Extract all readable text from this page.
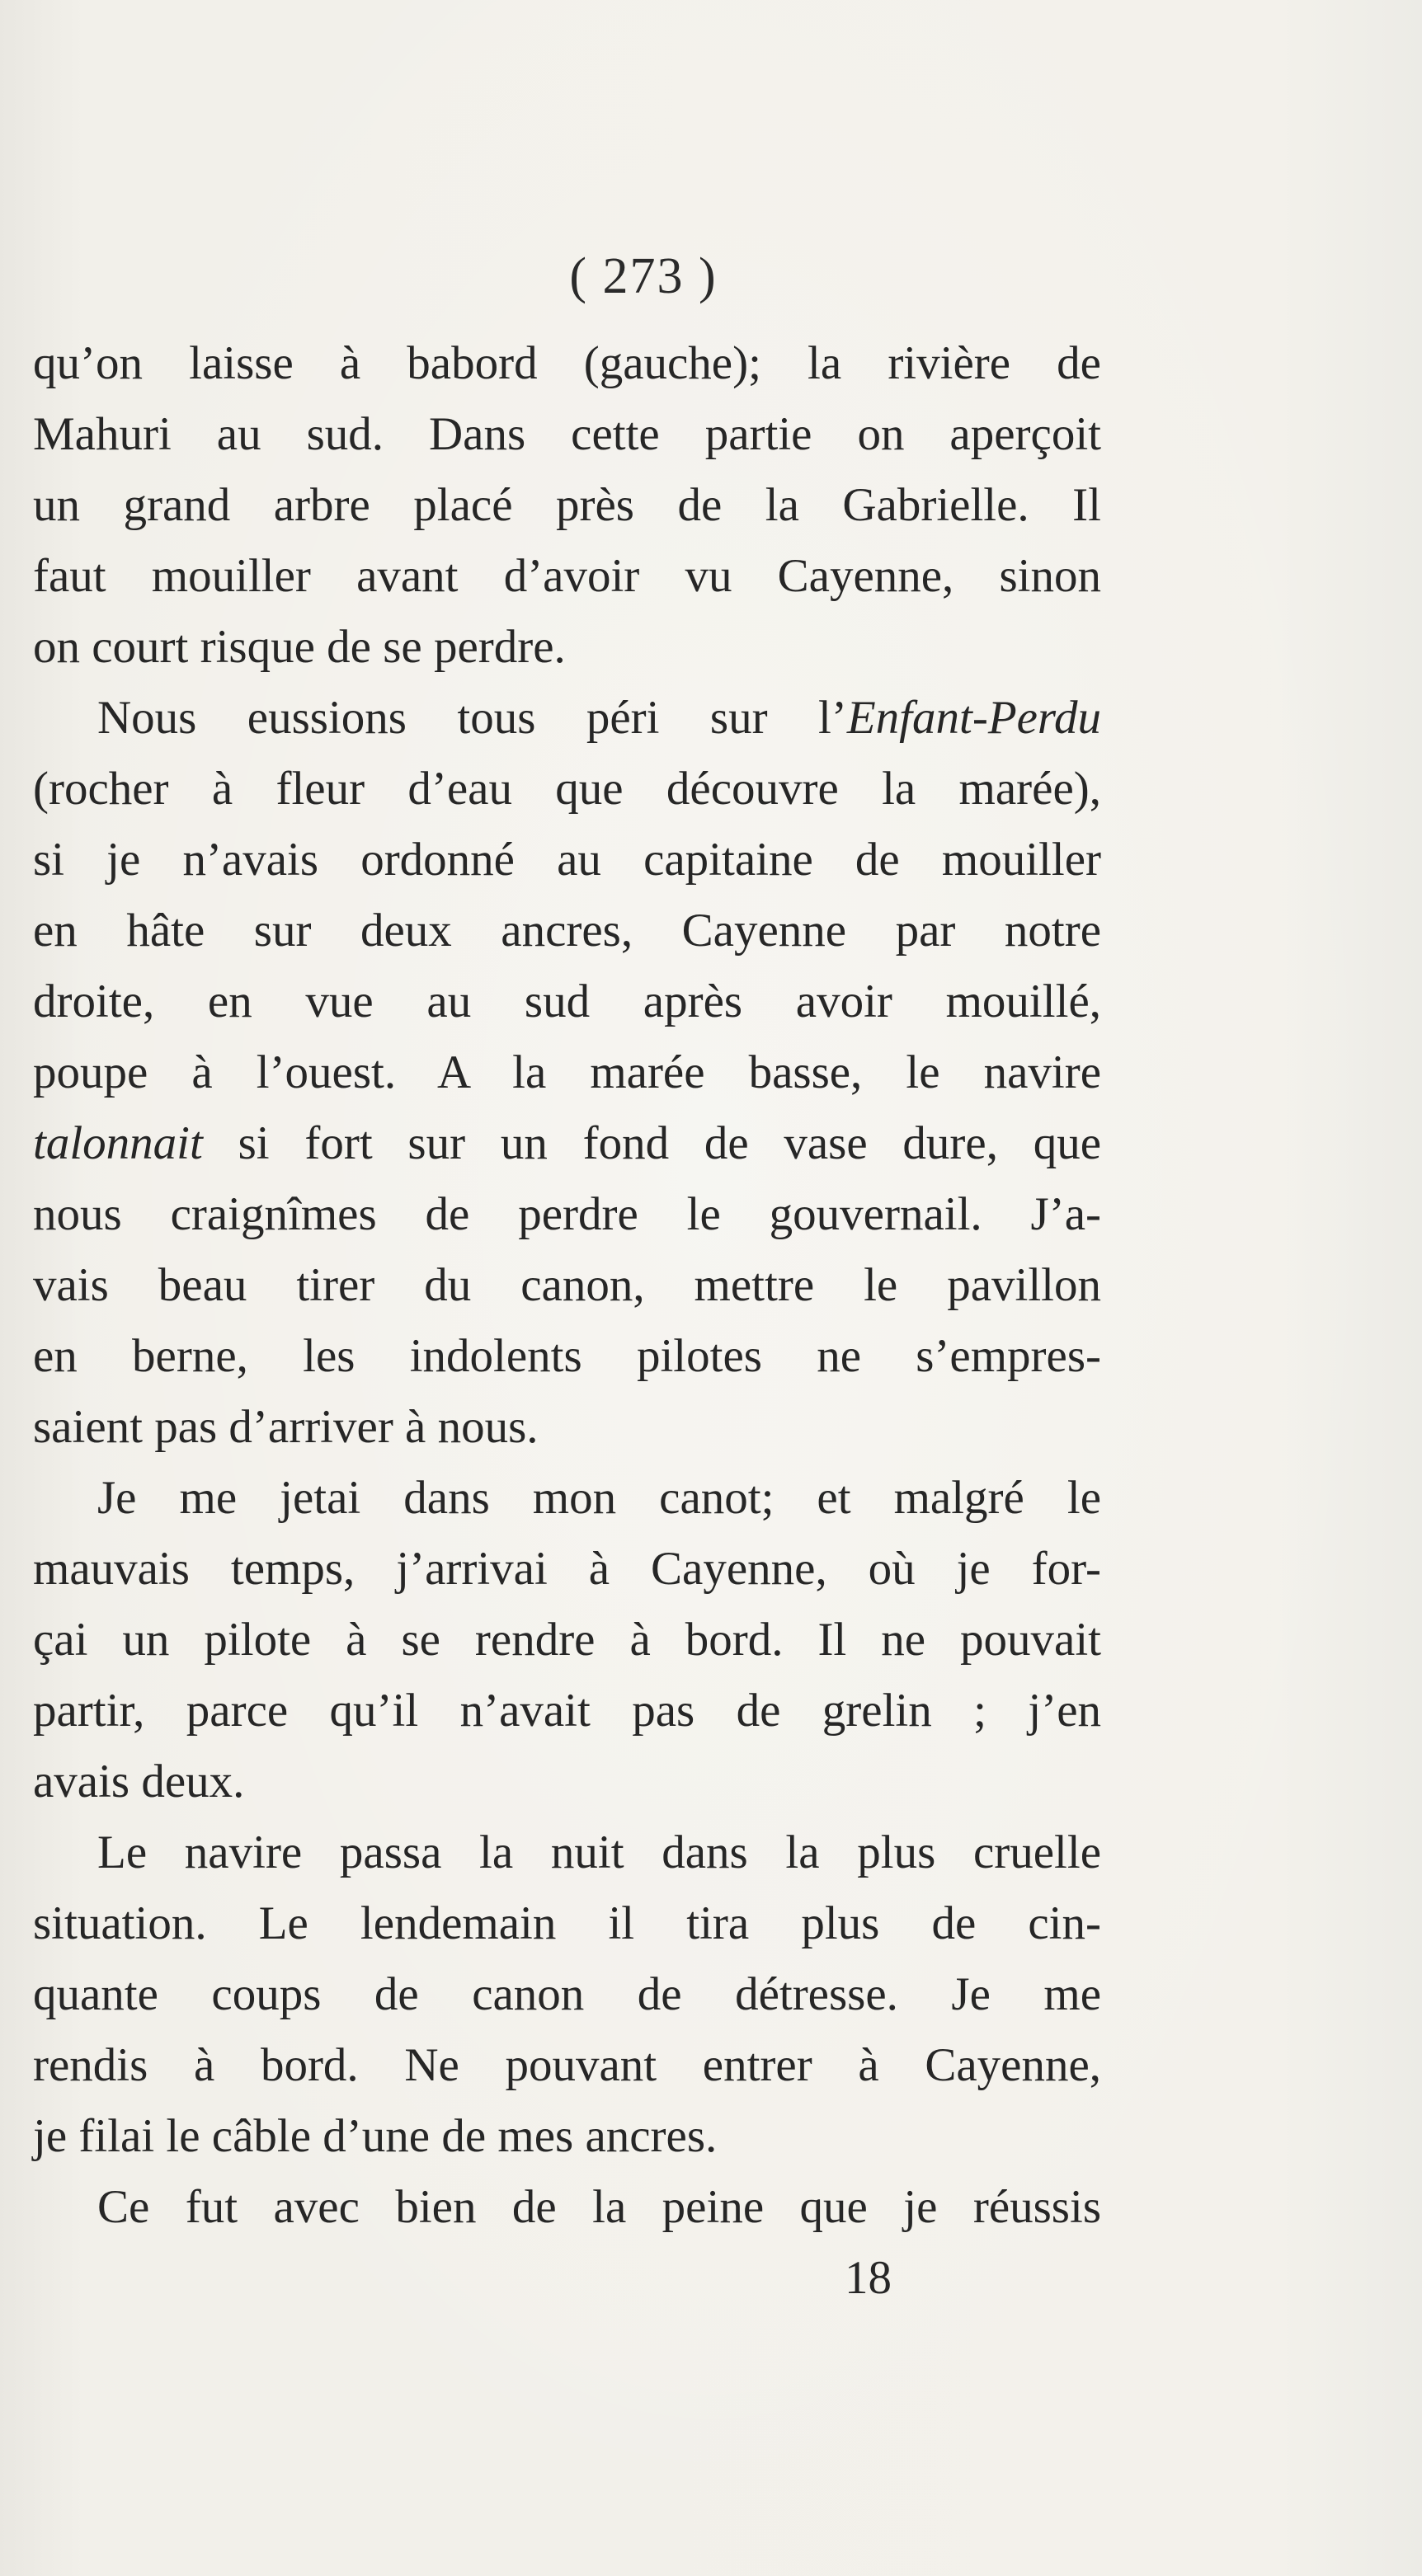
( 273 )
qu’on laisse à babord (gauche); la rivière de
Mahuri au sud. Dans cette partie on aperçoit
un grand arbre placé près de la Gabrielle. Il
faut mouiller avant d’avoir vu Cayenne, sinon
on court risque de se perdre.
Nous eussions tous péri sur l’Enfant-Perdu
(rocher à fleur d’eau que découvre la marée),
si je n’avais ordonné au capitaine de mouiller
en hâte sur deux ancres, Cayenne par notre
droite, en vue au sud après avoir mouillé,
poupe à l’ouest. A la marée basse, le navire
talonnait si fort sur un fond de vase dure, que
nous craignîmes de perdre le gouvernail. J’a-
vais beau tirer du canon, mettre le pavillon
en berne, les indolents pilotes ne s’empres-
saient pas d’arriver à nous.
Je me jetai dans mon canot; et malgré le
mauvais temps, j’arrivai à Cayenne, où je for-
çai un pilote à se rendre à bord. Il ne pouvait
partir, parce qu’il n’avait pas de grelin ; j’en
avais deux.
Le navire passa la nuit dans la plus cruelle
situation. Le lendemain il tira plus de cin-
quante coups de canon de détresse. Je me
rendis à bord. Ne pouvant entrer à Cayenne,
je filai le câble d’une de mes ancres.
Ce fut avec bien de la peine que je réussis
18
